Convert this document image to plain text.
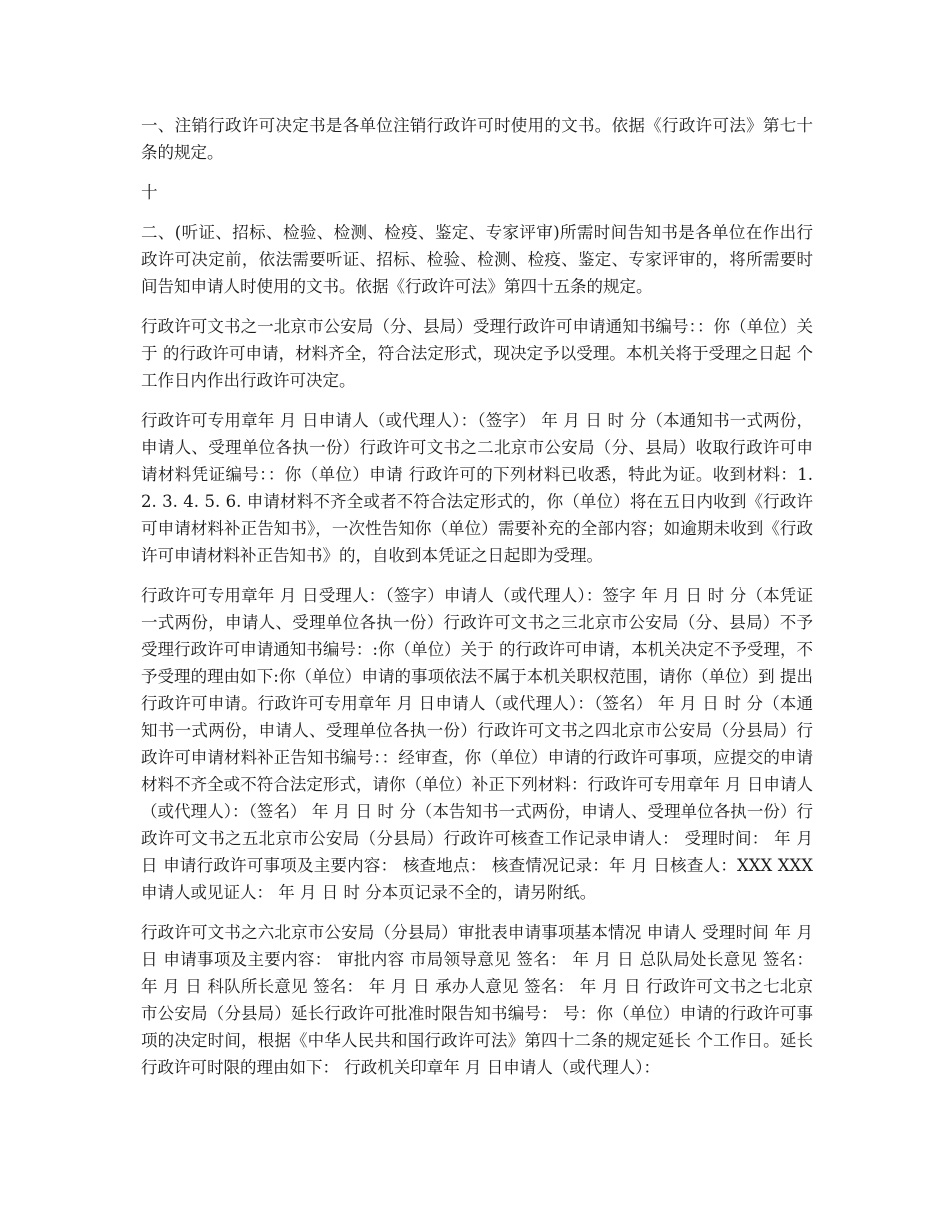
一、注销行政许可决定书是各单位注销行政许可时使用的文书。依据《行政许可法》第七十条的规定。

十

二、(听证、招标、检验、检测、检疫、鉴定、专家评审)所需时间告知书是各单位在作出行政许可决定前，依法需要听证、招标、检验、检测、检疫、鉴定、专家评审的，将所需要时间告知申请人时使用的文书。依据《行政许可法》第四十五条的规定。

行政许可文书之一北京市公安局（分、县局）受理行政许可申请通知书编号：：你（单位）关于 的行政许可申请，材料齐全，符合法定形式，现决定予以受理。本机关将于受理之日起 个工作日内作出行政许可决定。

行政许可专用章年 月 日申请人（或代理人）：（签字） 年 月 日 时 分（本通知书一式两份，申请人、受理单位各执一份）行政许可文书之二北京市公安局（分、县局）收取行政许可申请材料凭证编号：：你（单位）申请 行政许可的下列材料已收悉，特此为证。收到材料：1. 2. 3. 4. 5. 6. 申请材料不齐全或者不符合法定形式的，你（单位）将在五日内收到《行政许可申请材料补正告知书》，一次性告知你（单位）需要补充的全部内容；如逾期未收到《行政许可申请材料补正告知书》的，自收到本凭证之日起即为受理。

行政许可专用章年 月 日受理人：（签字）申请人（或代理人）：签字 年 月 日 时 分（本凭证一式两份，申请人、受理单位各执一份）行政许可文书之三北京市公安局（分、县局）不予受理行政许可申请通知书编号：:你（单位）关于 的行政许可申请，本机关决定不予受理，不予受理的理由如下:你（单位）申请的事项依法不属于本机关职权范围，请你（单位）到 提出行政许可申请。行政许可专用章年 月 日申请人（或代理人）：（签名） 年 月 日 时 分（本通知书一式两份，申请人、受理单位各执一份）行政许可文书之四北京市公安局（分县局）行政许可申请材料补正告知书编号：：经审查，你（单位）申请的行政许可事项，应提交的申请材料不齐全或不符合法定形式，请你（单位）补正下列材料：行政许可专用章年 月 日申请人（或代理人）：（签名） 年 月 日 时 分（本告知书一式两份，申请人、受理单位各执一份）行政许可文书之五北京市公安局（分县局）行政许可核查工作记录申请人： 受理时间： 年 月 日 申请行政许可事项及主要内容： 核查地点： 核查情况记录：年 月 日核查人：XXX XXX 申请人或见证人： 年 月 日 时 分本页记录不全的，请另附纸。

行政许可文书之六北京市公安局（分县局）审批表申请事项基本情况 申请人 受理时间 年 月 日 申请事项及主要内容： 审批内容 市局领导意见 签名： 年 月 日 总队局处长意见 签名： 年 月 日 科队所长意见 签名： 年 月 日 承办人意见 签名： 年 月 日 行政许可文书之七北京市公安局（分县局）延长行政许可批准时限告知书编号： 号：你（单位）申请的行政许可事项的决定时间，根据《中华人民共和国行政许可法》第四十二条的规定延长 个工作日。延长行政许可时限的理由如下： 行政机关印章年 月 日申请人（或代理人）：
